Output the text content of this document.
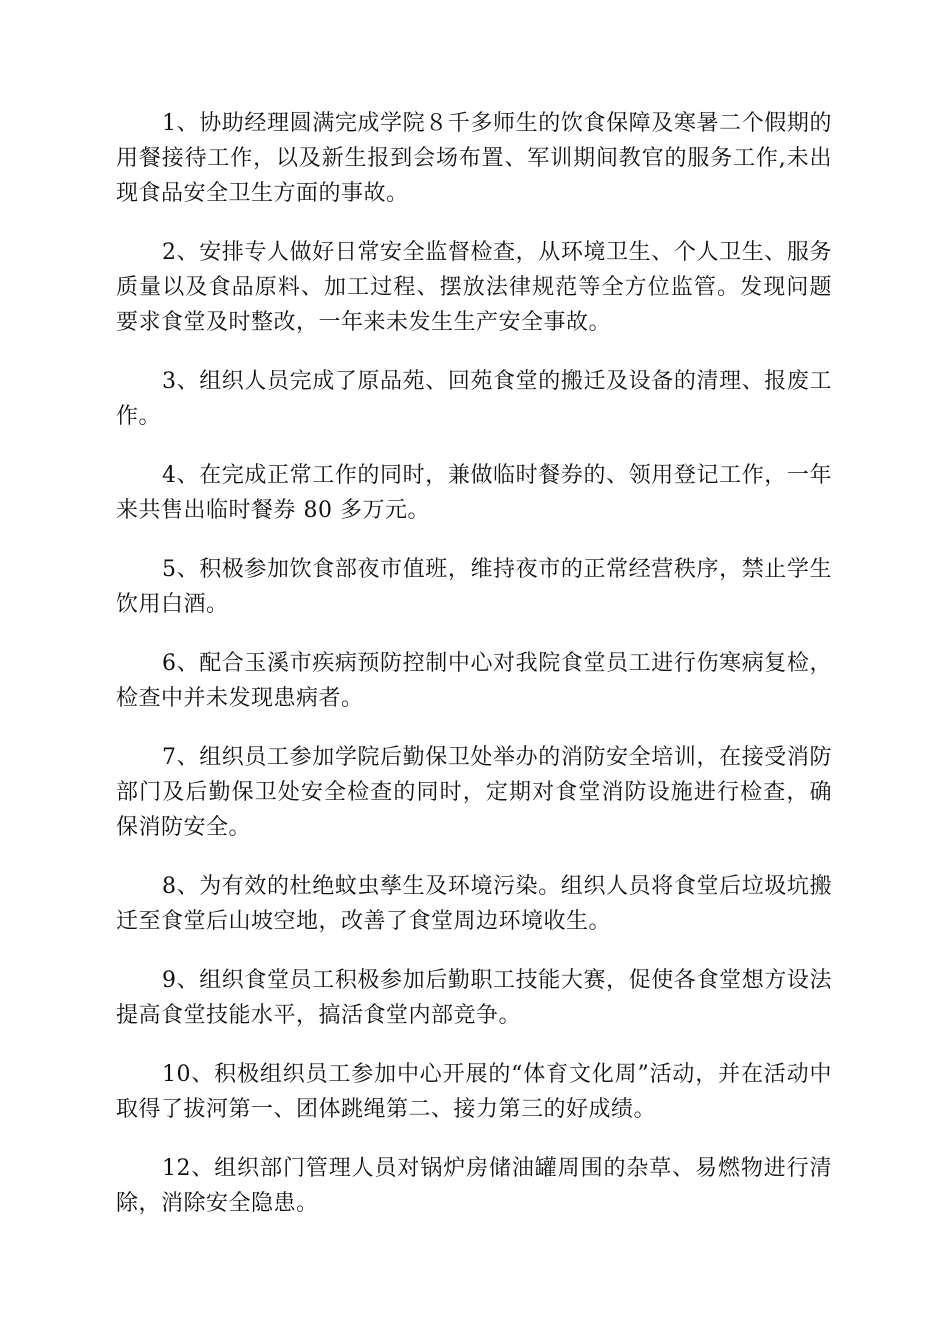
1、协助经理圆满完成学院８千多师生的饮食保障及寒暑二个假期的用餐接待工作，以及新生报到会场布置、军训期间教官的服务工作,未出现食品安全卫生方面的事故。

2、安排专人做好日常安全监督检查，从环境卫生、个人卫生、服务质量以及食品原料、加工过程、摆放法律规范等全方位监管。发现问题要求食堂及时整改，一年来未发生生产安全事故。

3、组织人员完成了原品苑、回苑食堂的搬迁及设备的清理、报废工作。

4、在完成正常工作的同时，兼做临时餐券的、领用登记工作，一年来共售出临时餐券 80 多万元。

5、积极参加饮食部夜市值班，维持夜市的正常经营秩序，禁止学生饮用白酒。

6、配合玉溪市疾病预防控制中心对我院食堂员工进行伤寒病复检，检查中并未发现患病者。

7、组织员工参加学院后勤保卫处举办的消防安全培训，在接受消防部门及后勤保卫处安全检查的同时，定期对食堂消防设施进行检查，确保消防安全。

8、为有效的杜绝蚊虫孳生及环境污染。组织人员将食堂后垃圾坑搬迁至食堂后山坡空地，改善了食堂周边环境收生。

9、组织食堂员工积极参加后勤职工技能大赛，促使各食堂想方设法提高食堂技能水平，搞活食堂内部竞争。

10、积极组织员工参加中心开展的“体育文化周”活动，并在活动中取得了拔河第一、团体跳绳第二、接力第三的好成绩。

12、组织部门管理人员对锅炉房储油罐周围的杂草、易燃物进行清除，消除安全隐患。
